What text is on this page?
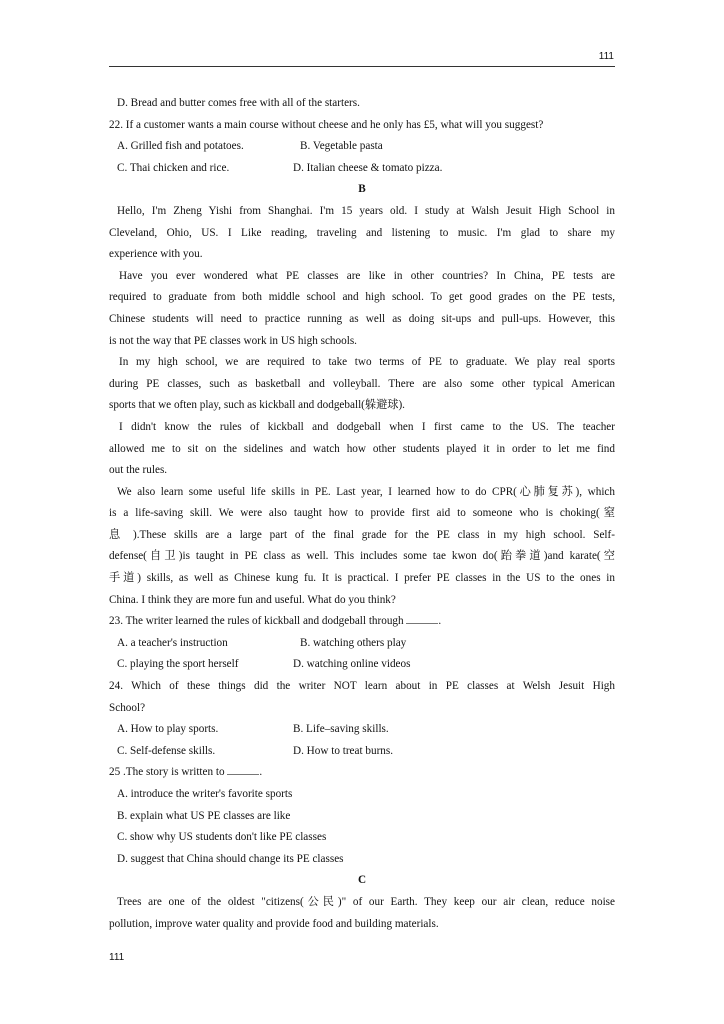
111
D. Bread and butter comes free with all of the starters.
22. If a customer wants a main course without cheese and he only has £5, what will you suggest?
A. Grilled fish and potatoes.	B. Vegetable pasta
C. Thai chicken and rice.	D. Italian cheese & tomato pizza.
B
Hello, I'm Zheng Yishi from Shanghai. I'm 15 years old. I study at Walsh Jesuit High School in
Cleveland, Ohio, US. I Like reading, traveling and listening to music. I'm glad to share my
experience with you.
Have you ever wondered what PE classes are like in other countries? In China, PE tests are
required to graduate from both middle school and high school. To get good grades on the PE tests,
Chinese students will need to practice running as well as doing sit-ups and pull-ups. However, this
is not the way that PE classes work in US high schools.
In my high school, we are required to take two terms of PE to graduate. We play real sports
during PE classes, such as basketball and volleyball. There are also some other typical American
sports that we often play, such as kickball and dodgeball(躲避球).
I didn't know the rules of kickball and dodgeball when I first came to the US. The teacher
allowed me to sit on the sidelines and watch how other students played it in order to let me find
out the rules.
We also learn some useful life skills in PE. Last year, I learned how to do CPR(心肺复苏), which
is a life-saving skill. We were also taught how to provide first aid to someone who is choking(窒
息 ).These skills are a large part of the final grade for the PE class in my high school. Self-
defense(自卫)is taught in PE class as well. This includes some tae kwon do(跆拳道)and karate(空
手道) skills, as well as Chinese kung fu. It is practical. I prefer PE classes in the US to the ones in
China. I think they are more fun and useful. What do you think?
23. The writer learned the rules of kickball and dodgeball through	.
A. a teacher's instruction	B. watching others play
C. playing the sport herself	D. watching online videos
24. Which of these things did the writer NOT learn about in PE classes at Welsh Jesuit High
School?
A. How to play sports.	B. Life–saving skills.
C. Self-defense skills.	D. How to treat burns.
25 .The story is written to	.
A. introduce the writer's favorite sports
B. explain what US PE classes are like
C. show why US students don't like PE classes
D. suggest that China should change its PE classes
C
Trees are one of the oldest "citizens(公民)" of our Earth. They keep our air clean, reduce noise
pollution, improve water quality and provide food and building materials.
111
